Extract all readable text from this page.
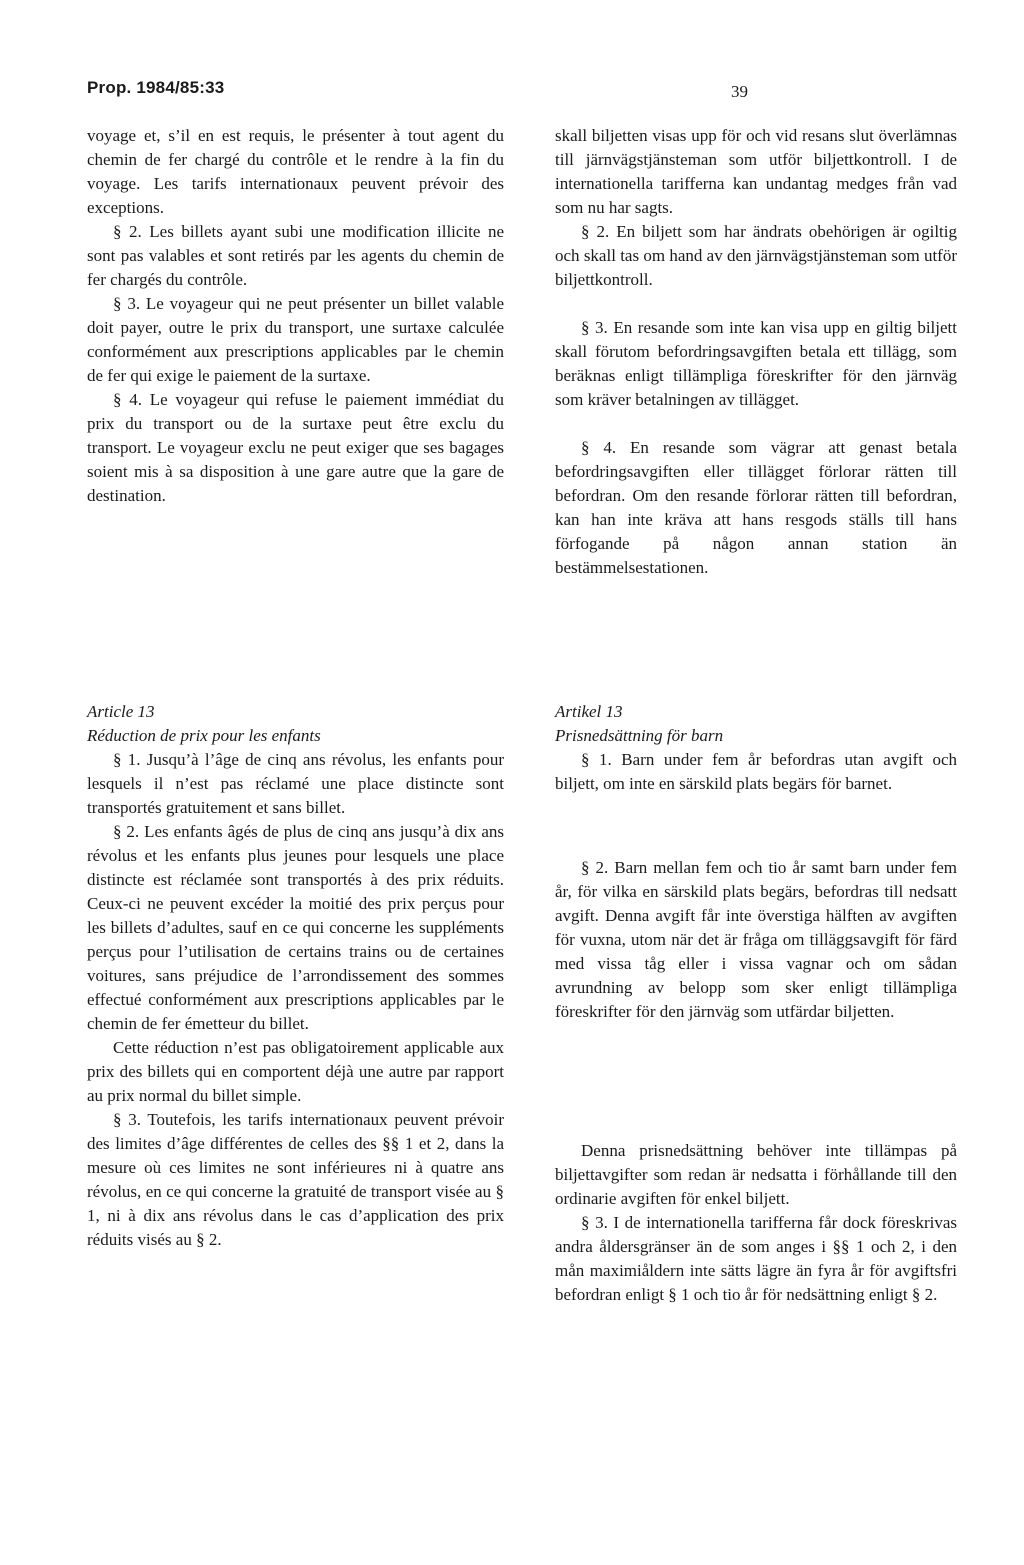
Prop. 1984/85:33	39

voyage et, s’il en est requis, le présenter à tout agent du chemin de fer chargé du contrôle et le rendre à la fin du voyage. Les tarifs internationaux peuvent prévoir des exceptions.

§ 2. Les billets ayant subi une modification illicite ne sont pas valables et sont retirés par les agents du chemin de fer chargés du contrôle.

§ 3. Le voyageur qui ne peut présenter un billet valable doit payer, outre le prix du transport, une surtaxe calculée conformément aux prescriptions applicables par le chemin de fer qui exige le paiement de la surtaxe.

§ 4. Le voyageur qui refuse le paiement immédiat du prix du transport ou de la surtaxe peut être exclu du transport. Le voyageur exclu ne peut exiger que ses bagages soient mis à sa disposition à une gare autre que la gare de destination.

skall biljetten visas upp för och vid resans slut överlämnas till järnvägstjänsteman som utför biljettkontroll. I de internationella tarifferna kan undantag medges från vad som nu har sagts.

§ 2. En biljett som har ändrats obehörigen är ogiltig och skall tas om hand av den järnvägstjänsteman som utför biljettkontroll.

§ 3. En resande som inte kan visa upp en giltig biljett skall förutom befordringsavgiften betala ett tillägg, som beräknas enligt tillämpliga föreskrifter för den järnväg som kräver betalningen av tillägget.

§ 4. En resande som vägrar att genast betala befordringsavgiften eller tillägget förlorar rätten till befordran. Om den resande förlorar rätten till befordran, kan han inte kräva att hans resgods ställs till hans förfogande på någon annan station än bestämmelsestationen.

Article 13

Réduction de prix pour les enfants

§ 1. Jusqu’à l’âge de cinq ans révolus, les enfants pour lesquels il n’est pas réclamé une place distincte sont transportés gratuitement et sans billet.

§ 2. Les enfants âgés de plus de cinq ans jusqu’à dix ans révolus et les enfants plus jeunes pour lesquels une place distincte est réclamée sont transportés à des prix réduits. Ceux-ci ne peuvent excéder la moitié des prix perçus pour les billets d’adultes, sauf en ce qui concerne les suppléments perçus pour l’utilisation de certains trains ou de certaines voitures, sans préjudice de l’arrondissement des sommes effectué conformément aux prescriptions applicables par le chemin de fer émetteur du billet.

Cette réduction n’est pas obligatoirement applicable aux prix des billets qui en comportent déjà une autre par rapport au prix normal du billet simple.

§ 3. Toutefois, les tarifs internationaux peuvent prévoir des limites d’âge différentes de celles des §§ 1 et 2, dans la mesure où ces limites ne sont inférieures ni à quatre ans révolus, en ce qui concerne la gratuité de transport visée au § 1, ni à dix ans révolus dans le cas d’application des prix réduits visés au § 2.

Artikel 13

Prisnedsättning för barn

§ 1. Barn under fem år befordras utan avgift och biljett, om inte en särskild plats begärs för barnet.

§ 2. Barn mellan fem och tio år samt barn under fem år, för vilka en särskild plats begärs, befordras till nedsatt avgift. Denna avgift får inte överstiga hälften av avgiften för vuxna, utom när det är fråga om tilläggsavgift för färd med vissa tåg eller i vissa vagnar och om sådan avrundning av belopp som sker enligt tillämpliga föreskrifter för den järnväg som utfärdar biljetten.

Denna prisnedsättning behöver inte tillämpas på biljettavgifter som redan är nedsatta i förhållande till den ordinarie avgiften för enkel biljett.

§ 3. I de internationella tarifferna får dock föreskrivas andra åldersgränser än de som anges i §§ 1 och 2, i den mån maximiåldern inte sätts lägre än fyra år för avgiftsfri befordran enligt § 1 och tio år för nedsättning enligt § 2.
